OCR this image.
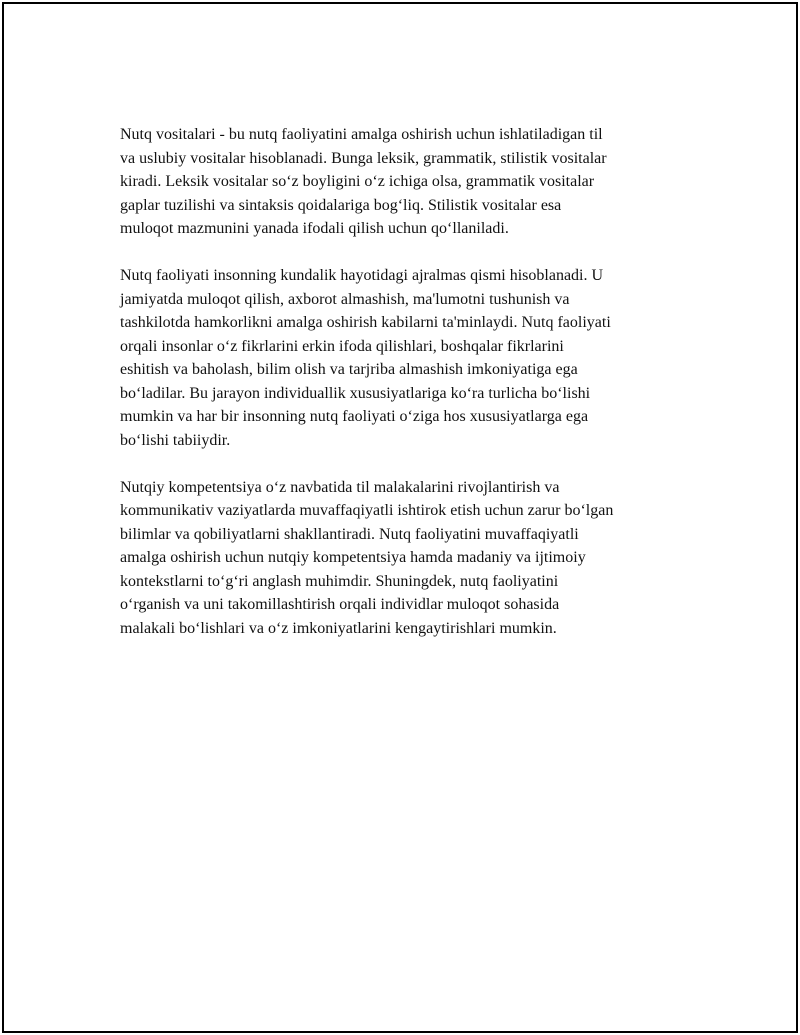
Nutq vositalari - bu nutq faoliyatini amalga oshirish uchun ishlatiladigan til
va uslubiy vositalar hisoblanadi. Bunga leksik, grammatik, stilistik vositalar
kiradi. Leksik vositalar so‘z boyligini o‘z ichiga olsa, grammatik vositalar
gaplar tuzilishi va sintaksis qoidalariga bog‘liq. Stilistik vositalar esa
muloqot mazmunini yanada ifodali qilish uchun qo‘llaniladi.

Nutq faoliyati insonning kundalik hayotidagi ajralmas qismi hisoblanadi. U
jamiyatda muloqot qilish, axborot almashish, ma'lumotni tushunish va
tashkilotda hamkorlikni amalga oshirish kabilarni ta'minlaydi. Nutq faoliyati
orqali insonlar o‘z fikrlarini erkin ifoda qilishlari, boshqalar fikrlarini
eshitish va baholash, bilim olish va tarjriba almashish imkoniyatiga ega
bo‘ladilar. Bu jarayon individuallik xususiyatlariga ko‘ra turlicha bo‘lishi
mumkin va har bir insonning nutq faoliyati o‘ziga hos xususiyatlarga ega
bo‘lishi tabiiydir.

Nutqiy kompetentsiya o‘z navbatida til malakalarini rivojlantirish va
kommunikativ vaziyatlarda muvaffaqiyatli ishtirok etish uchun zarur bo‘lgan
bilimlar va qobiliyatlarni shakllantiradi. Nutq faoliyatini muvaffaqiyatli
amalga oshirish uchun nutqiy kompetentsiya hamda madaniy va ijtimoiy
kontekstlarni to‘g‘ri anglash muhimdir. Shuningdek, nutq faoliyatini
o‘rganish va uni takomillashtirish orqali individlar muloqot sohasida
malakali bo‘lishlari va o‘z imkoniyatlarini kengaytirishlari mumkin.
